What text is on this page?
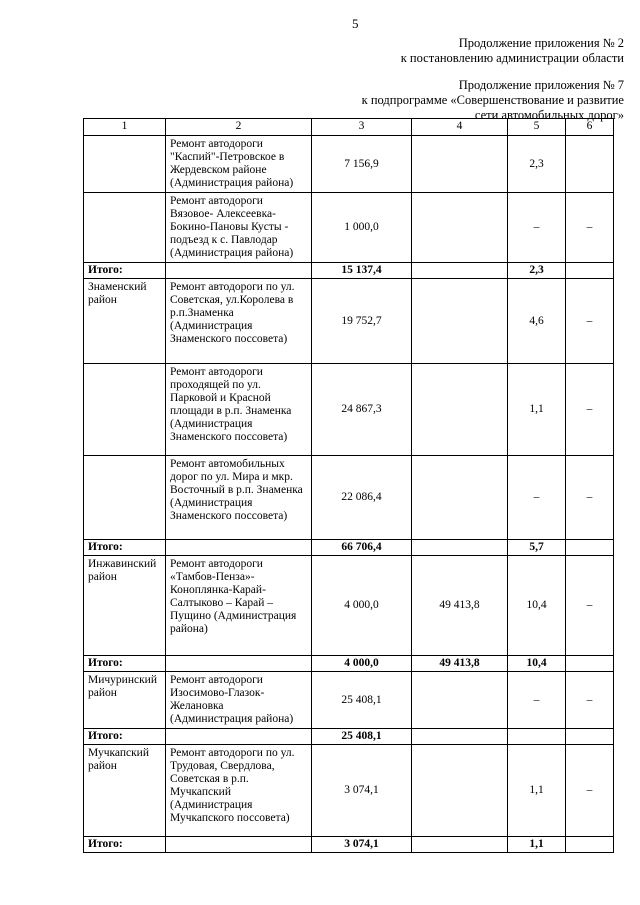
5
Продолжение приложения № 2
к постановлению администрации области
Продолжение приложения № 7
к подпрограмме «Совершенствование и развитие
сети автомобильных дорог»
1	2	3	4	5	6
	Ремонт автодороги "Каспий"-Петровское в Жердевском районе (Администрация района)	7 156,9		2,3	
	Ремонт автодороги Вязовое- Алексеевка-Бокино-Пановы Кусты - подъезд к с. Павлодар (Администрация района)	1 000,0		–	–
Итого:		15 137,4		2,3	
Знаменский район	Ремонт автодороги по ул. Советская, ул.Королева в р.п.Знаменка (Администрация Знаменского поссовета)	19 752,7		4,6	–
	Ремонт автодороги проходящей по ул. Парковой и Красной площади в р.п. Знаменка (Администрация Знаменского поссовета)	24 867,3		1,1	–
	Ремонт автомобильных дорог по ул. Мира и мкр. Восточный в р.п. Знаменка (Администрация Знаменского поссовета)	22 086,4		–	–
Итого:		66 706,4		5,7	
Инжавинский район	Ремонт автодороги «Тамбов-Пенза»-Коноплянка-Карай-Салтыково – Карай – Пущино (Администрация района)	4 000,0	49 413,8	10,4	–
Итого:		4 000,0	49 413,8	10,4	
Мичуринский район	Ремонт автодороги Изосимово-Глазок-Желановка (Администрация района)	25 408,1		–	–
Итого:		25 408,1			
Мучкапский район	Ремонт автодороги по ул. Трудовая, Свердлова, Советская в р.п. Мучкапский (Администрация Мучкапского поссовета)	3 074,1		1,1	–
Итого:		3 074,1		1,1	
